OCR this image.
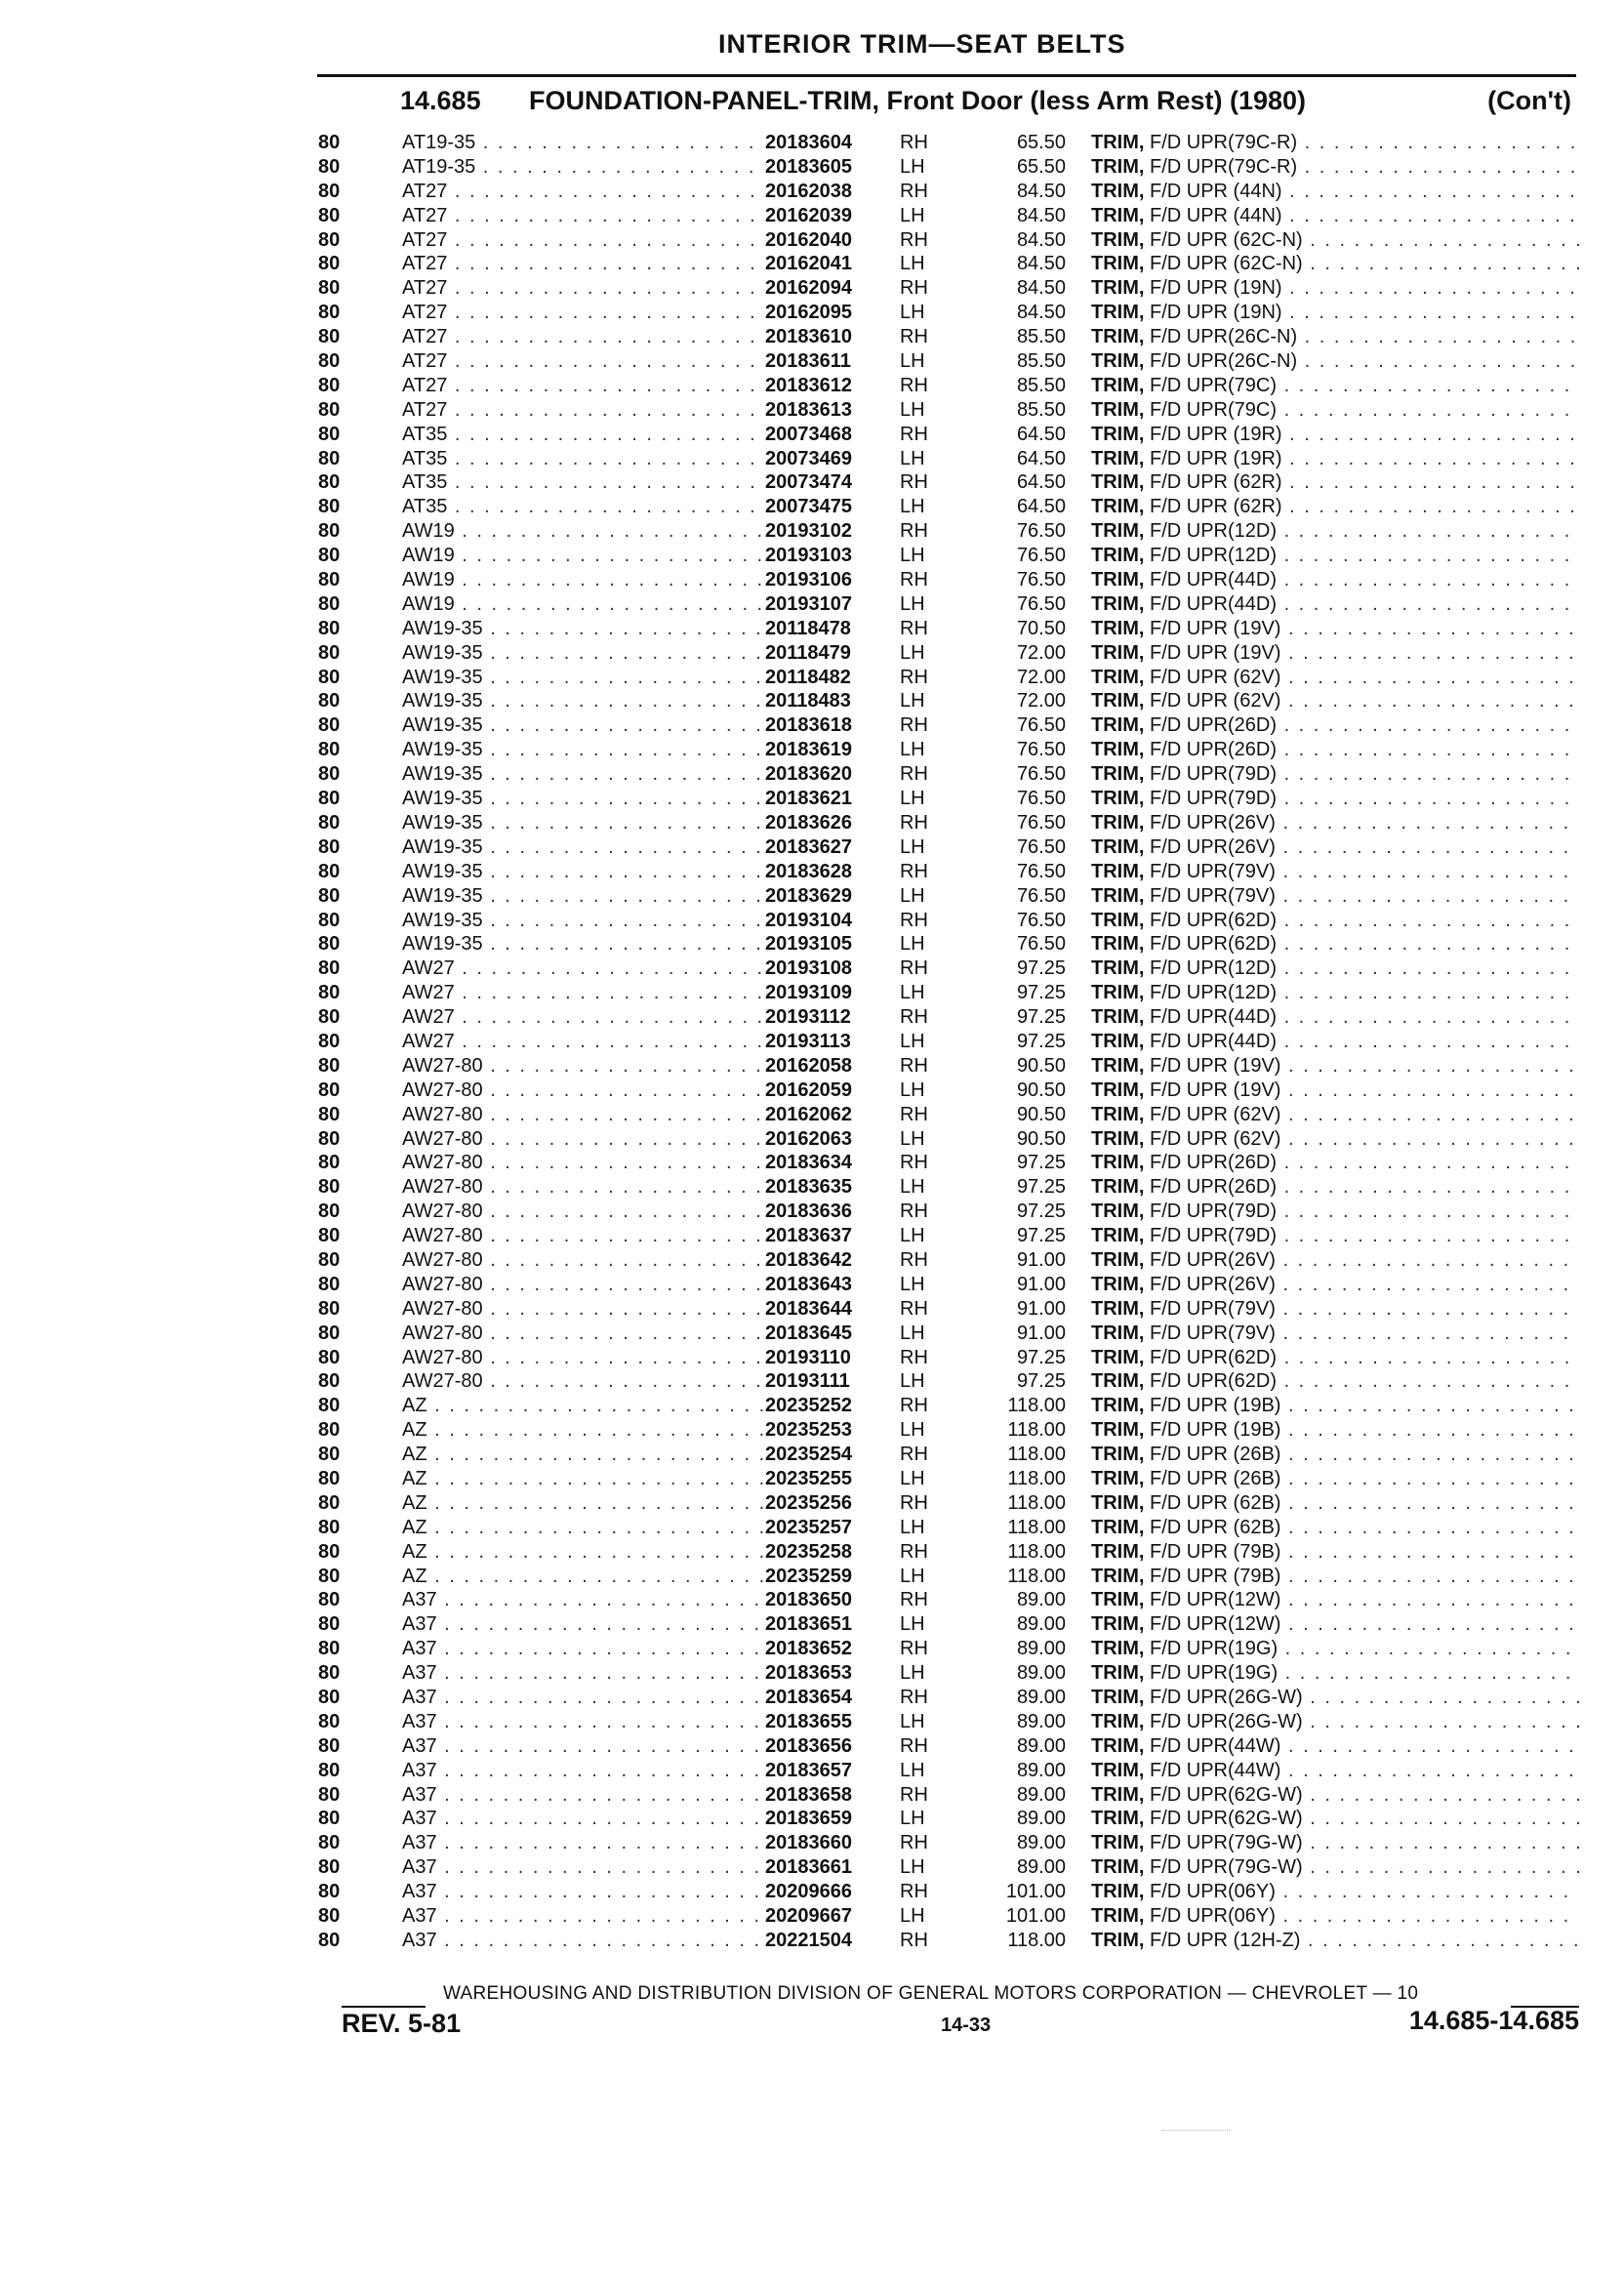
INTERIOR TRIM—SEAT BELTS
14.685 FOUNDATION-PANEL-TRIM, Front Door (less Arm Rest) (1980)	(Con't)
80	AT19-35 . . .	20183604 RH	65.50 TRIM, F/D UPR(79C-R) . . .
80	AT19-35 . . .	20183605 LH	65.50 TRIM, F/D UPR(79C-R) . . .
80	AT27 . . .	20162038 RH	84.50 TRIM, F/D UPR (44N) . . .
80	AT27 . . .	20162039 LH	84.50 TRIM, F/D UPR (44N) . . .
80	AT27 . . .	20162040 RH	84.50 TRIM, F/D UPR (62C-N) . . .
80	AT27 . . .	20162041 LH	84.50 TRIM, F/D UPR (62C-N) . . .
80	AT27 . . .	20162094 RH	84.50 TRIM, F/D UPR (19N) . . .
80	AT27 . . .	20162095 LH	84.50 TRIM, F/D UPR (19N) . . .
80	AT27 . . .	20183610 RH	85.50 TRIM, F/D UPR(26C-N) . . .
80	AT27 . . .	20183611	LH	85.50 TRIM, F/D UPR(26C-N) . . .
80	AT27 . . .	20183612 RH	85.50 TRIM, F/D UPR(79C) . . .
80	AT27 . . .	20183613 LH	85.50 TRIM, F/D UPR(79C) . . .
80	AT35 . . .	20073468 RH	64.50 TRIM, F/D UPR (19R) . . .
80	AT35 . . .	20073469 LH	64.50 TRIM, F/D UPR (19R) . . .
80	AT35 . . .	20073474 RH	64.50 TRIM, F/D UPR (62R) . . .
80	AT35 . . .	20073475 LH	64.50 TRIM, F/D UPR (62R) . . .
80	AW19 . . .	20193102 RH	76.50 TRIM, F/D UPR(12D) . . .
80	AW19 . . .	20193103 LH	76.50 TRIM, F/D UPR(12D) . . .
80	AW19 . . .	20193106 RH	76.50 TRIM, F/D UPR(44D) . . .
80	AW19 . . .	20193107 LH	76.50 TRIM, F/D UPR(44D) . . .
80	AW19-35 . . .	20118478	RH	70.50 TRIM, F/D UPR (19V) . . .
80	AW19-35 . . .	20118479	LH	72.00 TRIM, F/D UPR (19V) . . .
80	AW19-35 . . .	20118482	RH	72.00 TRIM, F/D UPR (62V) . . .
80	AW19-35 . . .	20118483	LH	72.00 TRIM, F/D UPR (62V) . . .
80	AW19-35 . . .	20183618 RH	76.50 TRIM, F/D UPR(26D) . . .
80	AW19-35 . . .	20183619 LH	76.50 TRIM, F/D UPR(26D) . . .
80	AW19-35 . . .	20183620 RH	76.50 TRIM, F/D UPR(79D) . . .
80	AW19-35 . . .	20183621 LH	76.50 TRIM, F/D UPR(79D) . . .
80	AW19-35 . . .	20183626 RH	76.50 TRIM, F/D UPR(26V) . . .
80	AW19-35 . . .	20183627 LH	76.50 TRIM, F/D UPR(26V) . . .
80	AW19-35 . . .	20183628 RH	76.50 TRIM, F/D UPR(79V) . . .
80	AW19-35 . . .	20183629 LH	76.50 TRIM, F/D UPR(79V) . . .
80	AW19-35 . . .	20193104 RH	76.50 TRIM, F/D UPR(62D) . . .
80	AW19-35 . . .	20193105 LH	76.50 TRIM, F/D UPR(62D) . . .
80	AW27 . . .	20193108 RH	97.25 TRIM, F/D UPR(12D) . . .
80	AW27 . . .	20193109 LH	97.25 TRIM, F/D UPR(12D) . . .
80	AW27 . . .	20193112	RH	97.25 TRIM, F/D UPR(44D) . . .
80	AW27 . . .	20193113	LH	97.25 TRIM, F/D UPR(44D) . . .
80	AW27-80 . . .	20162058 RH	90.50 TRIM, F/D UPR (19V) . . .
80	AW27-80 . . .	20162059 LH	90.50 TRIM, F/D UPR (19V) . . .
80	AW27-80 . . .	20162062 RH	90.50 TRIM, F/D UPR (62V) . . .
80	AW27-80 . . .	20162063 LH	90.50 TRIM, F/D UPR (62V) . . .
80	AW27-80 . . .	20183634 RH	97.25 TRIM, F/D UPR(26D) . . .
80	AW27-80 . . .	20183635 LH	97.25 TRIM, F/D UPR(26D) . . .
80	AW27-80 . . .	20183636 RH	97.25 TRIM, F/D UPR(79D) . . .
80	AW27-80 . . .	20183637 LH	97.25 TRIM, F/D UPR(79D) . . .
80	AW27-80 . . .	20183642 RH	91.00 TRIM, F/D UPR(26V) . . .
80	AW27-80 . . .	20183643 LH	91.00 TRIM, F/D UPR(26V) . . .
80	AW27-80 . . .	20183644 RH	91.00 TRIM, F/D UPR(79V) . . .
80	AW27-80 . . .	20183645 LH	91.00 TRIM, F/D UPR(79V) . . .
80	AW27-80 . . .	20193110	RH	97.25 TRIM, F/D UPR(62D) . . .
80	AW27-80 . . .	20193111	LH	97.25 TRIM, F/D UPR(62D) . . .
80	AZ . . .	20235252 RH	118.00 TRIM, F/D UPR (19B) . . .
80	AZ . . .	20235253 LH	118.00 TRIM, F/D UPR (19B) . . .
80	AZ . . .	20235254 RH	118.00 TRIM, F/D UPR (26B) . . .
80	AZ . . .	20235255 LH	118.00 TRIM, F/D UPR (26B) . . .
80	AZ . . .	20235256 RH	118.00 TRIM, F/D UPR (62B) . . .
80	AZ . . .	20235257 LH	118.00 TRIM, F/D UPR (62B) . . .
80	AZ . . .	20235258 RH	118.00 TRIM, F/D UPR (79B) . . .
80	AZ . . .	20235259 LH	118.00 TRIM, F/D UPR (79B) . . .
80	A37 . . .	20183650 RH	89.00 TRIM, F/D UPR(12W) . . .
80	A37 . . .	20183651 LH	89.00 TRIM, F/D UPR(12W) . . .
80	A37 . . .	20183652 RH	89.00 TRIM, F/D UPR(19G) . . .
80	A37 . . .	20183653 LH	89.00 TRIM, F/D UPR(19G) . . .
80	A37 . . .	20183654 RH	89.00 TRIM, F/D UPR(26G-W) . . .
80	A37 . . .	20183655 LH	89.00 TRIM, F/D UPR(26G-W) . . .
80	A37 . . .	20183656 RH	89.00 TRIM, F/D UPR(44W) . . .
80	A37 . . .	20183657 LH	89.00 TRIM, F/D UPR(44W) . . .
80	A37 . . .	20183658 RH	89.00 TRIM, F/D UPR(62G-W) . . .
80	A37 . . .	20183659 LH	89.00 TRIM, F/D UPR(62G-W) . . .
80	A37 . . .	20183660 RH	89.00 TRIM, F/D UPR(79G-W) . . .
80	A37 . . .	20183661 LH	89.00 TRIM, F/D UPR(79G-W) . . .
80	A37 . . .	20209666 RH	101.00 TRIM, F/D UPR(06Y) . . .
80	A37 . . .	20209667 LH	101.00 TRIM, F/D UPR(06Y) . . .
80	A37 . . .	20221504 RH	118.00 TRIM, F/D UPR (12H-Z) . . .
WAREHOUSING AND DISTRIBUTION DIVISION OF GENERAL MOTORS CORPORATION — CHEVROLET — 10
REV. 5-81	14-33	14.685-14.685
